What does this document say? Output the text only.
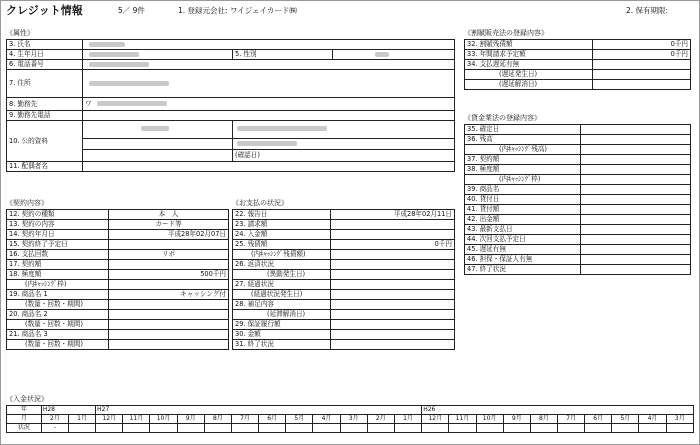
クレジット情報	5／ 9件	1. 登録元会社: ワイジェイカード㈱	2. 保有期限:
《属性》
3. 氏名			
4. 生年月日		5. 性別	
6. 電話番号			
7. 住所			
8. 勤務先	ワ		
9. 勤務先電話			
10. 公的資料			

		(確認日)	
11. 配偶者名			
《割賦販売法の登録内容》
32. 割賦残債額	0千円
33. 年間請求予定額	0千円
34. 支払遅延有無	
(遅延発生日)	
(遅延解消日)	
《貸金業法の登録内容》
35. 確定日	
36. 残高	
(内ｷｬｯｼﾝｸﾞ残高)	
37. 契約額	
38. 極度額	
(内ｷｬｯｼﾝｸﾞ枠)	
39. 商品名	
40. 貸付日	
41. 貸付額	
42. 出金額	
43. 最新支払日	
44. 次回支払予定日	
45. 遅延有無	
46. 担保・保証人有無	
47. 終了状況	
《契約内容》
12. 契約の種類	本　人
13. 契約の内容	カード等
14. 契約年月日	平成28年02月07日
15. 契約終了予定日	
16. 支払回数	リボ
17. 契約額	
18. 極度額	500千円
(内ｷｬｯｼﾝｸﾞ枠)	
19. 商品名 1	キャッシング付
(数量・回数・期間)	
20. 商品名 2	
(数量・回数・期間)	
21. 商品名 3	
(数量・回数・期間)	
《お支払の状況》
22. 報告日	平成28年02月11日
23. 請求額	
24. 入金額	
25. 残債額	0千円
(内ｷｬｯｼﾝｸﾞ残債額)	
26. 返済状況	
(異動発生日)	
27. 経過状況	
(経過状況発生日)	
28. 補足内容	
(延滞解消日)	
29. 保証履行額	
30. 金額	
31. 終了状況	
《入金状況》
年	H28		H27												H26									
月	2月	1月	12月	11月	10月	9月	8月	7月	6月	5月	4月	3月	2月	1月	12月	11月	10月	9月	8月	7月	6月	5月	4月	3月
状況	-																							
